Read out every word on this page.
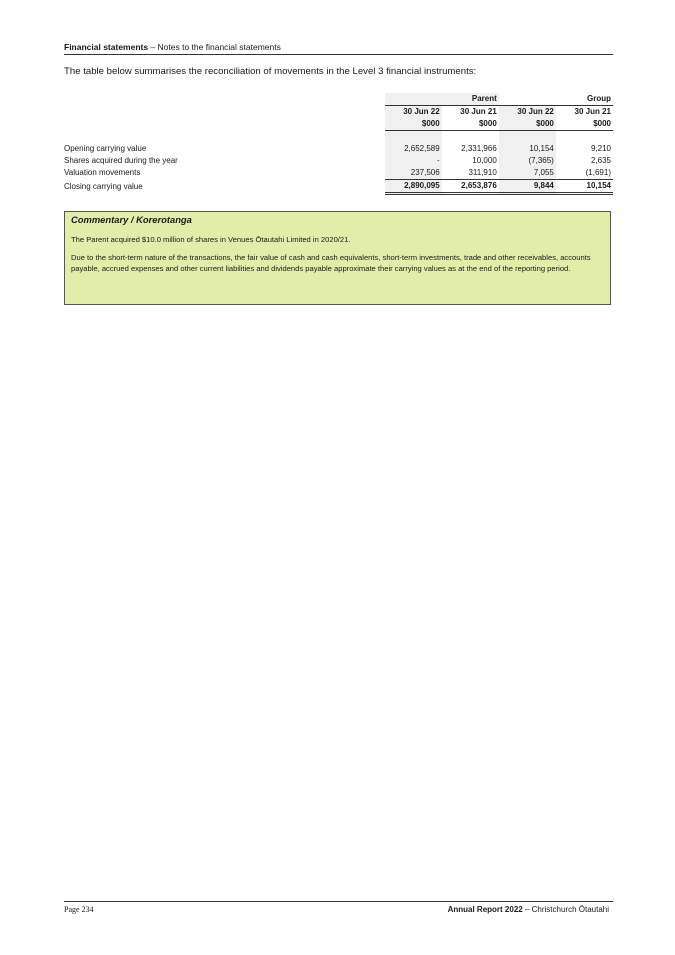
Financial statements – Notes to the financial statements
The table below summarises the reconciliation of movements in the Level 3 financial instruments:
	Parent		Group	
	30 Jun 22	30 Jun 21	30 Jun 22	30 Jun 21
	$000	$000	$000	$000

Opening carrying value	2,652,589	2,331,966	10,154	9,210
Shares acquired during the year	-	10,000	(7,365)	2,635
Valuation movements	237,506	311,910	7,055	(1,691)
Closing carrying value	2,890,095	2,653,876	9,844	10,154
Commentary / Korerotanga

The Parent acquired $10.0 million of shares in Venues Ōtautahi Limited in 2020/21.

Due to the short-term nature of the transactions, the fair value of cash and cash equivalents, short-term investments, trade and other receivables, accounts payable, accrued expenses and other current liabilities and dividends payable approximate their carrying values as at the end of the reporting period.

Page 234	Annual Report 2022 – Christchurch Ōtautahi
